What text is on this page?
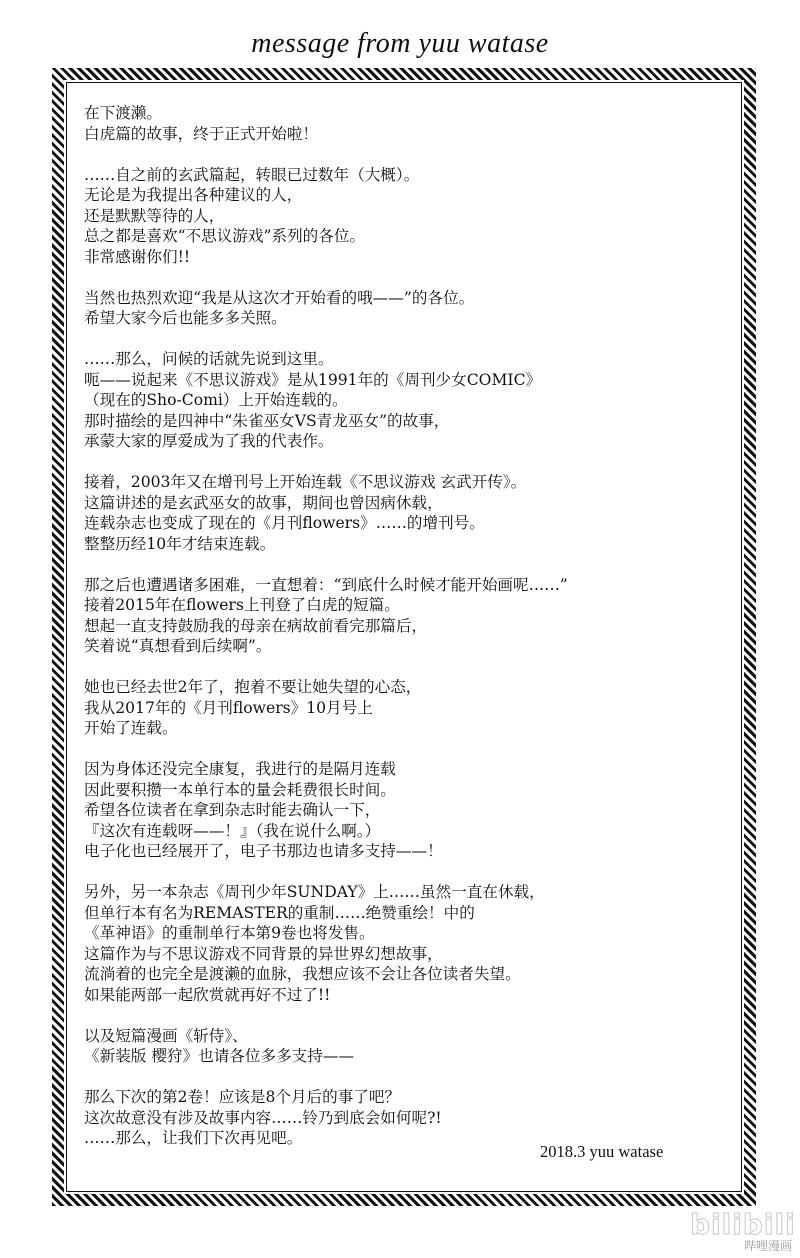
message from yuu watase
在下渡濑。
白虎篇的故事，终于正式开始啦！
……自之前的玄武篇起，转眼已过数年（大概）。
无论是为我提出各种建议的人，
还是默默等待的人，
总之都是喜欢“不思议游戏”系列的各位。
非常感谢你们!!
当然也热烈欢迎“我是从这次才开始看的哦——”的各位。
希望大家今后也能多多关照。
……那么，问候的话就先说到这里。
呃——说起来《不思议游戏》是从1991年的《周刊少女COMIC》
（现在的Sho-Comi）上开始连载的。
那时描绘的是四神中“朱雀巫女VS青龙巫女”的故事，
承蒙大家的厚爱成为了我的代表作。
接着，2003年又在增刊号上开始连载《不思议游戏 玄武开传》。
这篇讲述的是玄武巫女的故事，期间也曾因病休载，
连载杂志也变成了现在的《月刊flowers》……的增刊号。
整整历经10年才结束连载。
那之后也遭遇诸多困难，一直想着：“到底什么时候才能开始画呢……”
接着2015年在flowers上刊登了白虎的短篇。
想起一直支持鼓励我的母亲在病故前看完那篇后，
笑着说“真想看到后续啊”。
她也已经去世2年了，抱着不要让她失望的心态，
我从2017年的《月刊flowers》10月号上
开始了连载。
因为身体还没完全康复，我进行的是隔月连载
因此要积攒一本单行本的量会耗费很长时间。
希望各位读者在拿到杂志时能去确认一下，
『这次有连载呀——！』（我在说什么啊。）
电子化也已经展开了，电子书那边也请多支持——！
另外，另一本杂志《周刊少年SUNDAY》上……虽然一直在休载，
但单行本有名为REMASTER的重制……绝赞重绘！中的
《革神语》的重制单行本第9卷也将发售。
这篇作为与不思议游戏不同背景的异世界幻想故事，
流淌着的也完全是渡濑的血脉，我想应该不会让各位读者失望。
如果能两部一起欣赏就再好不过了!!
以及短篇漫画《斩侍》、
《新装版 樱狩》也请各位多多支持——
那么下次的第2卷！应该是8个月后的事了吧？
这次故意没有涉及故事内容……铃乃到底会如何呢?!
……那么，让我们下次再见吧。
2018.3 yuu watase
bilibili
哔哩漫画
